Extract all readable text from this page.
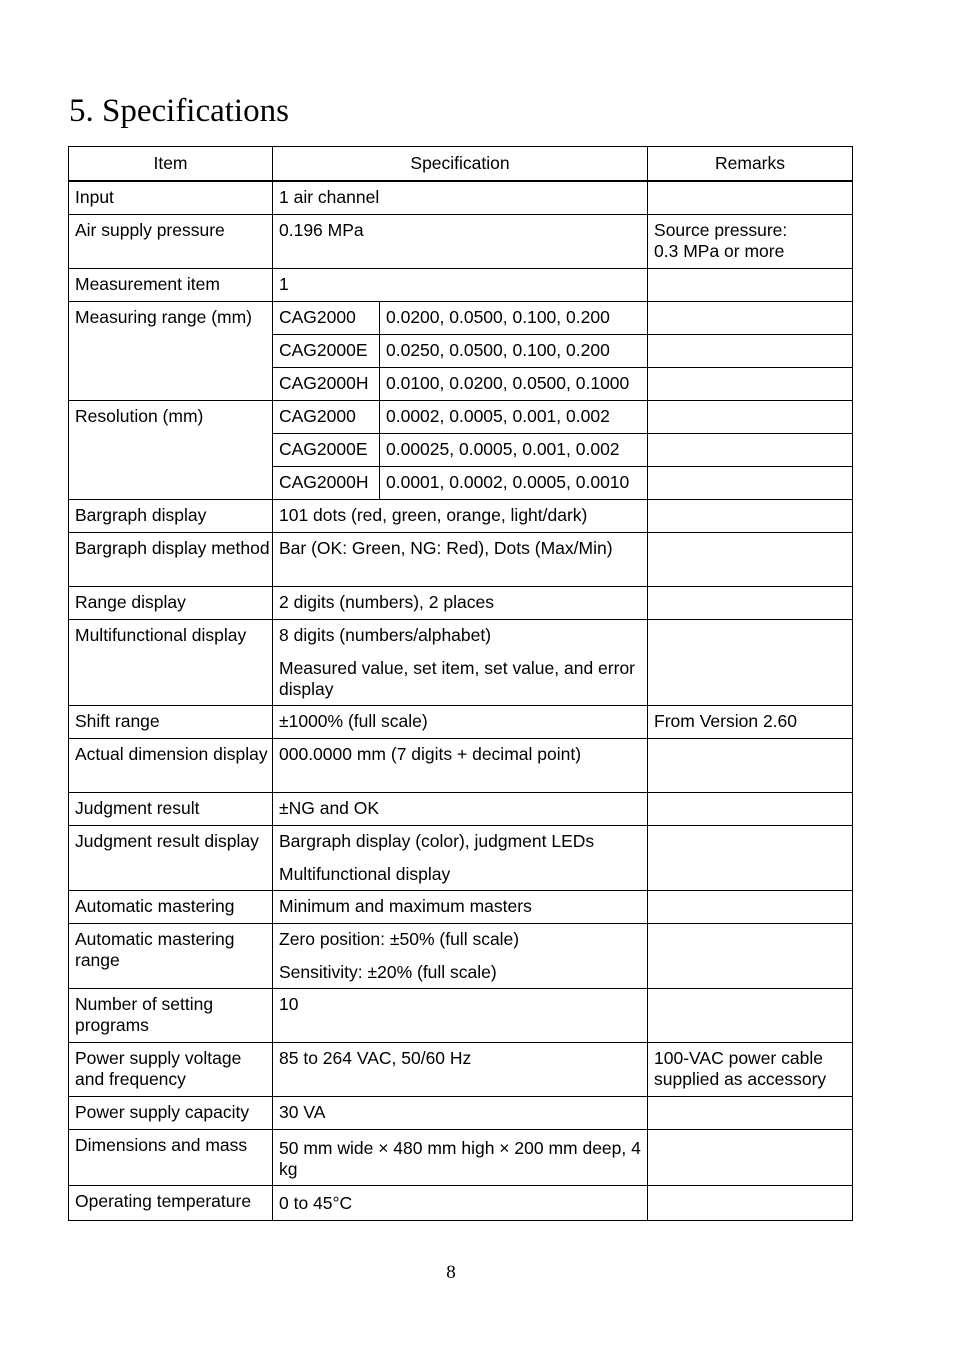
5. Specifications
Item	Specification		Remarks
Input	1 air channel		
Air supply pressure	0.196 MPa		Source pressure:
0.3 MPa or more

Measurement item	1		
Measuring range (mm)	CAG2000	0.0200, 0.0500, 0.100, 0.200	
	CAG2000E	0.0250, 0.0500, 0.100, 0.200	
	CAG2000H	0.0100, 0.0200, 0.0500, 0.1000	
Resolution (mm)	CAG2000	0.0002, 0.0005, 0.001, 0.002	
	CAG2000E	0.00025, 0.0005, 0.001, 0.002	
	CAG2000H	0.0001, 0.0002, 0.0005, 0.0010	
Bargraph display	101 dots (red, green, orange, light/dark)		
Bargraph display method	Bar (OK: Green, NG: Red), Dots (Max/Min)		
Range display	2 digits (numbers), 2 places		
Multifunctional display	8 digits (numbers/alphabet)
Measured value, set item, set value, and error display		

Shift range	±1000% (full scale)		From Version 2.60
Actual dimension display	000.0000 mm (7 digits + decimal point)		
Judgment result	±NG and OK		
Judgment result display	Bargraph display (color), judgment LEDs
Multifunctional display		

Automatic mastering	Minimum and maximum masters		
Automatic mastering range	Zero position: ±50% (full scale)
Sensitivity: ±20% (full scale)		

Number of setting programs	10		
Power supply voltage and frequency	85 to 264 VAC, 50/60 Hz		100-VAC power cable supplied as accessory
Power supply capacity	30 VA		
Dimensions and mass	50 mm wide × 480 mm high × 200 mm deep, 4 kg		
Operating temperature	0 to 45°C		
8
